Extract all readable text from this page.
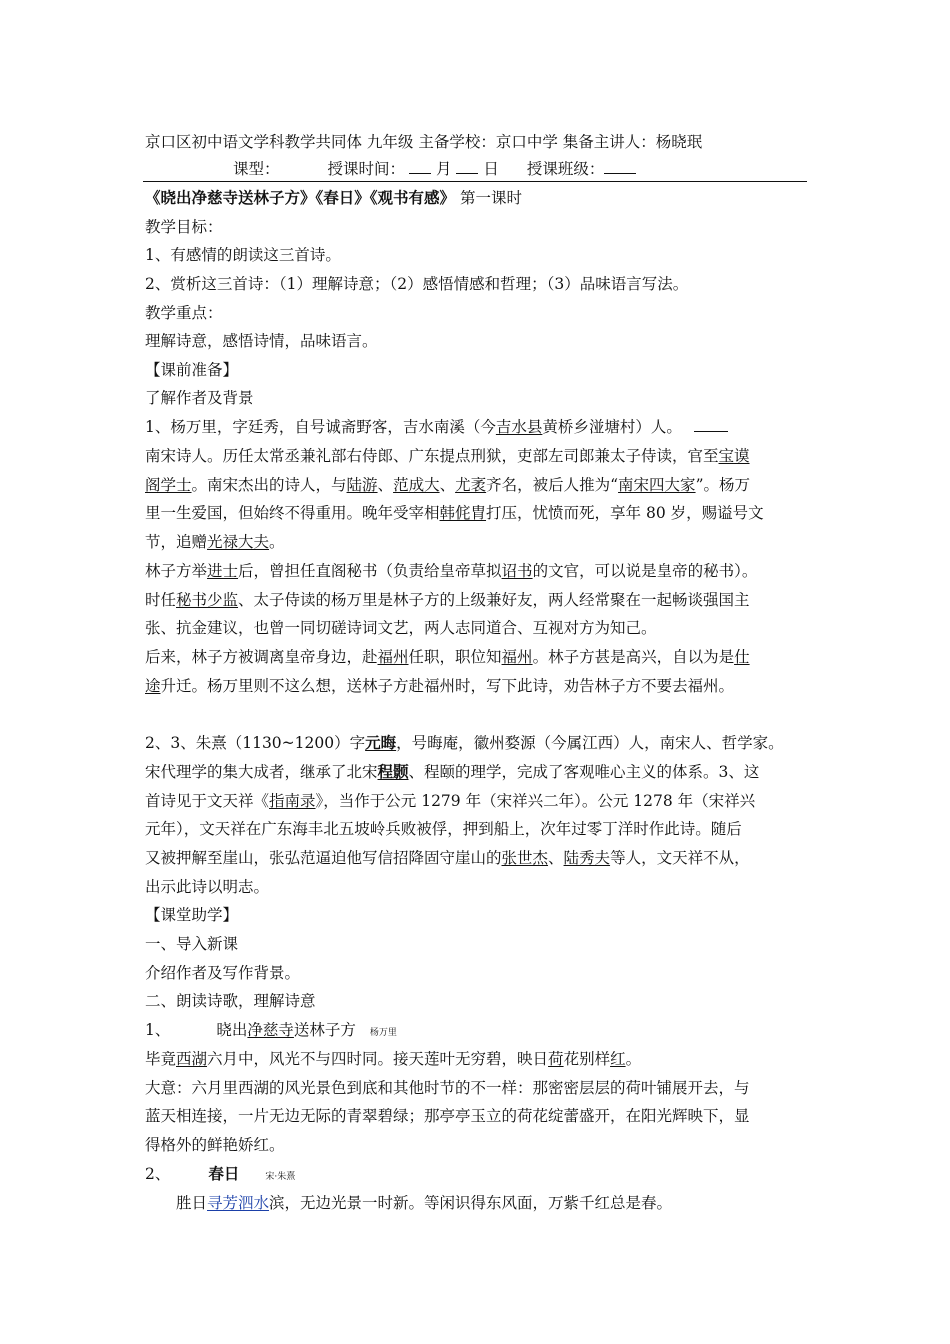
京口区初中语文学科教学共同体 九年级 主备学校：京口中学 集备主讲人：杨晓珉
课型：	授课时间： 月 日 授课班级：
《晓出净慈寺送林子方》《春日》《观书有感》 第一课时
教学目标：
1、有感情的朗读这三首诗。
2、赏析这三首诗：（1）理解诗意；（2）感悟情感和哲理；（3）品味语言写法。
教学重点：
理解诗意，感悟诗情，品味语言。
【课前准备】
了解作者及背景
1、杨万里，字廷秀，自号诚斋野客，吉水南溪（今吉水县黄桥乡湴塘村）人。
南宋诗人。历任太常丞兼礼部右侍郎、广东提点刑狱，吏部左司郎兼太子侍读，官至宝谟
阁学士。南宋杰出的诗人，与陆游、范成大、尤袤齐名，被后人推为“南宋四大家”。杨万
里一生爱国，但始终不得重用。晚年受宰相韩侂胄打压，忧愤而死，享年 80 岁，赐谥号文
节，追赠光禄大夫。
林子方举进士后，曾担任直阁秘书（负责给皇帝草拟诏书的文官，可以说是皇帝的秘书）。
时任秘书少监、太子侍读的杨万里是林子方的上级兼好友，两人经常聚在一起畅谈强国主
张、抗金建议，也曾一同切磋诗词文艺，两人志同道合、互视对方为知己。
后来，林子方被调离皇帝身边，赴福州任职，职位知福州。林子方甚是高兴，自以为是仕
途升迁。杨万里则不这么想，送林子方赴福州时，写下此诗，劝告林子方不要去福州。
2、3、朱熹（1130~1200）字元晦，号晦庵，徽州婺源（今属江西）人，南宋人、哲学家。
宋代理学的集大成者，继承了北宋程颢、程颐的理学，完成了客观唯心主义的体系。3、这
首诗见于文天祥《指南录》，当作于公元 1279 年（宋祥兴二年）。公元 1278 年（宋祥兴
元年），文天祥在广东海丰北五坡岭兵败被俘，押到船上，次年过零丁洋时作此诗。随后
又被押解至崖山，张弘范逼迫他写信招降固守崖山的张世杰、陆秀夫等人，文天祥不从，
出示此诗以明志。
【课堂助学】
一、导入新课
介绍作者及写作背景。
二、朗读诗歌，理解诗意
1、	晓出净慈寺送林子方 杨万里
毕竟西湖六月中，风光不与四时同。接天莲叶无穷碧，映日荷花别样红。
大意：六月里西湖的风光景色到底和其他时节的不一样：那密密层层的荷叶铺展开去，与
蓝天相连接，一片无边无际的青翠碧绿；那亭亭玉立的荷花绽蕾盛开，在阳光辉映下，显
得格外的鲜艳娇红。
2、 春日	宋·朱熹
胜日寻芳泗水滨，无边光景一时新。等闲识得东风面，万紫千红总是春。
